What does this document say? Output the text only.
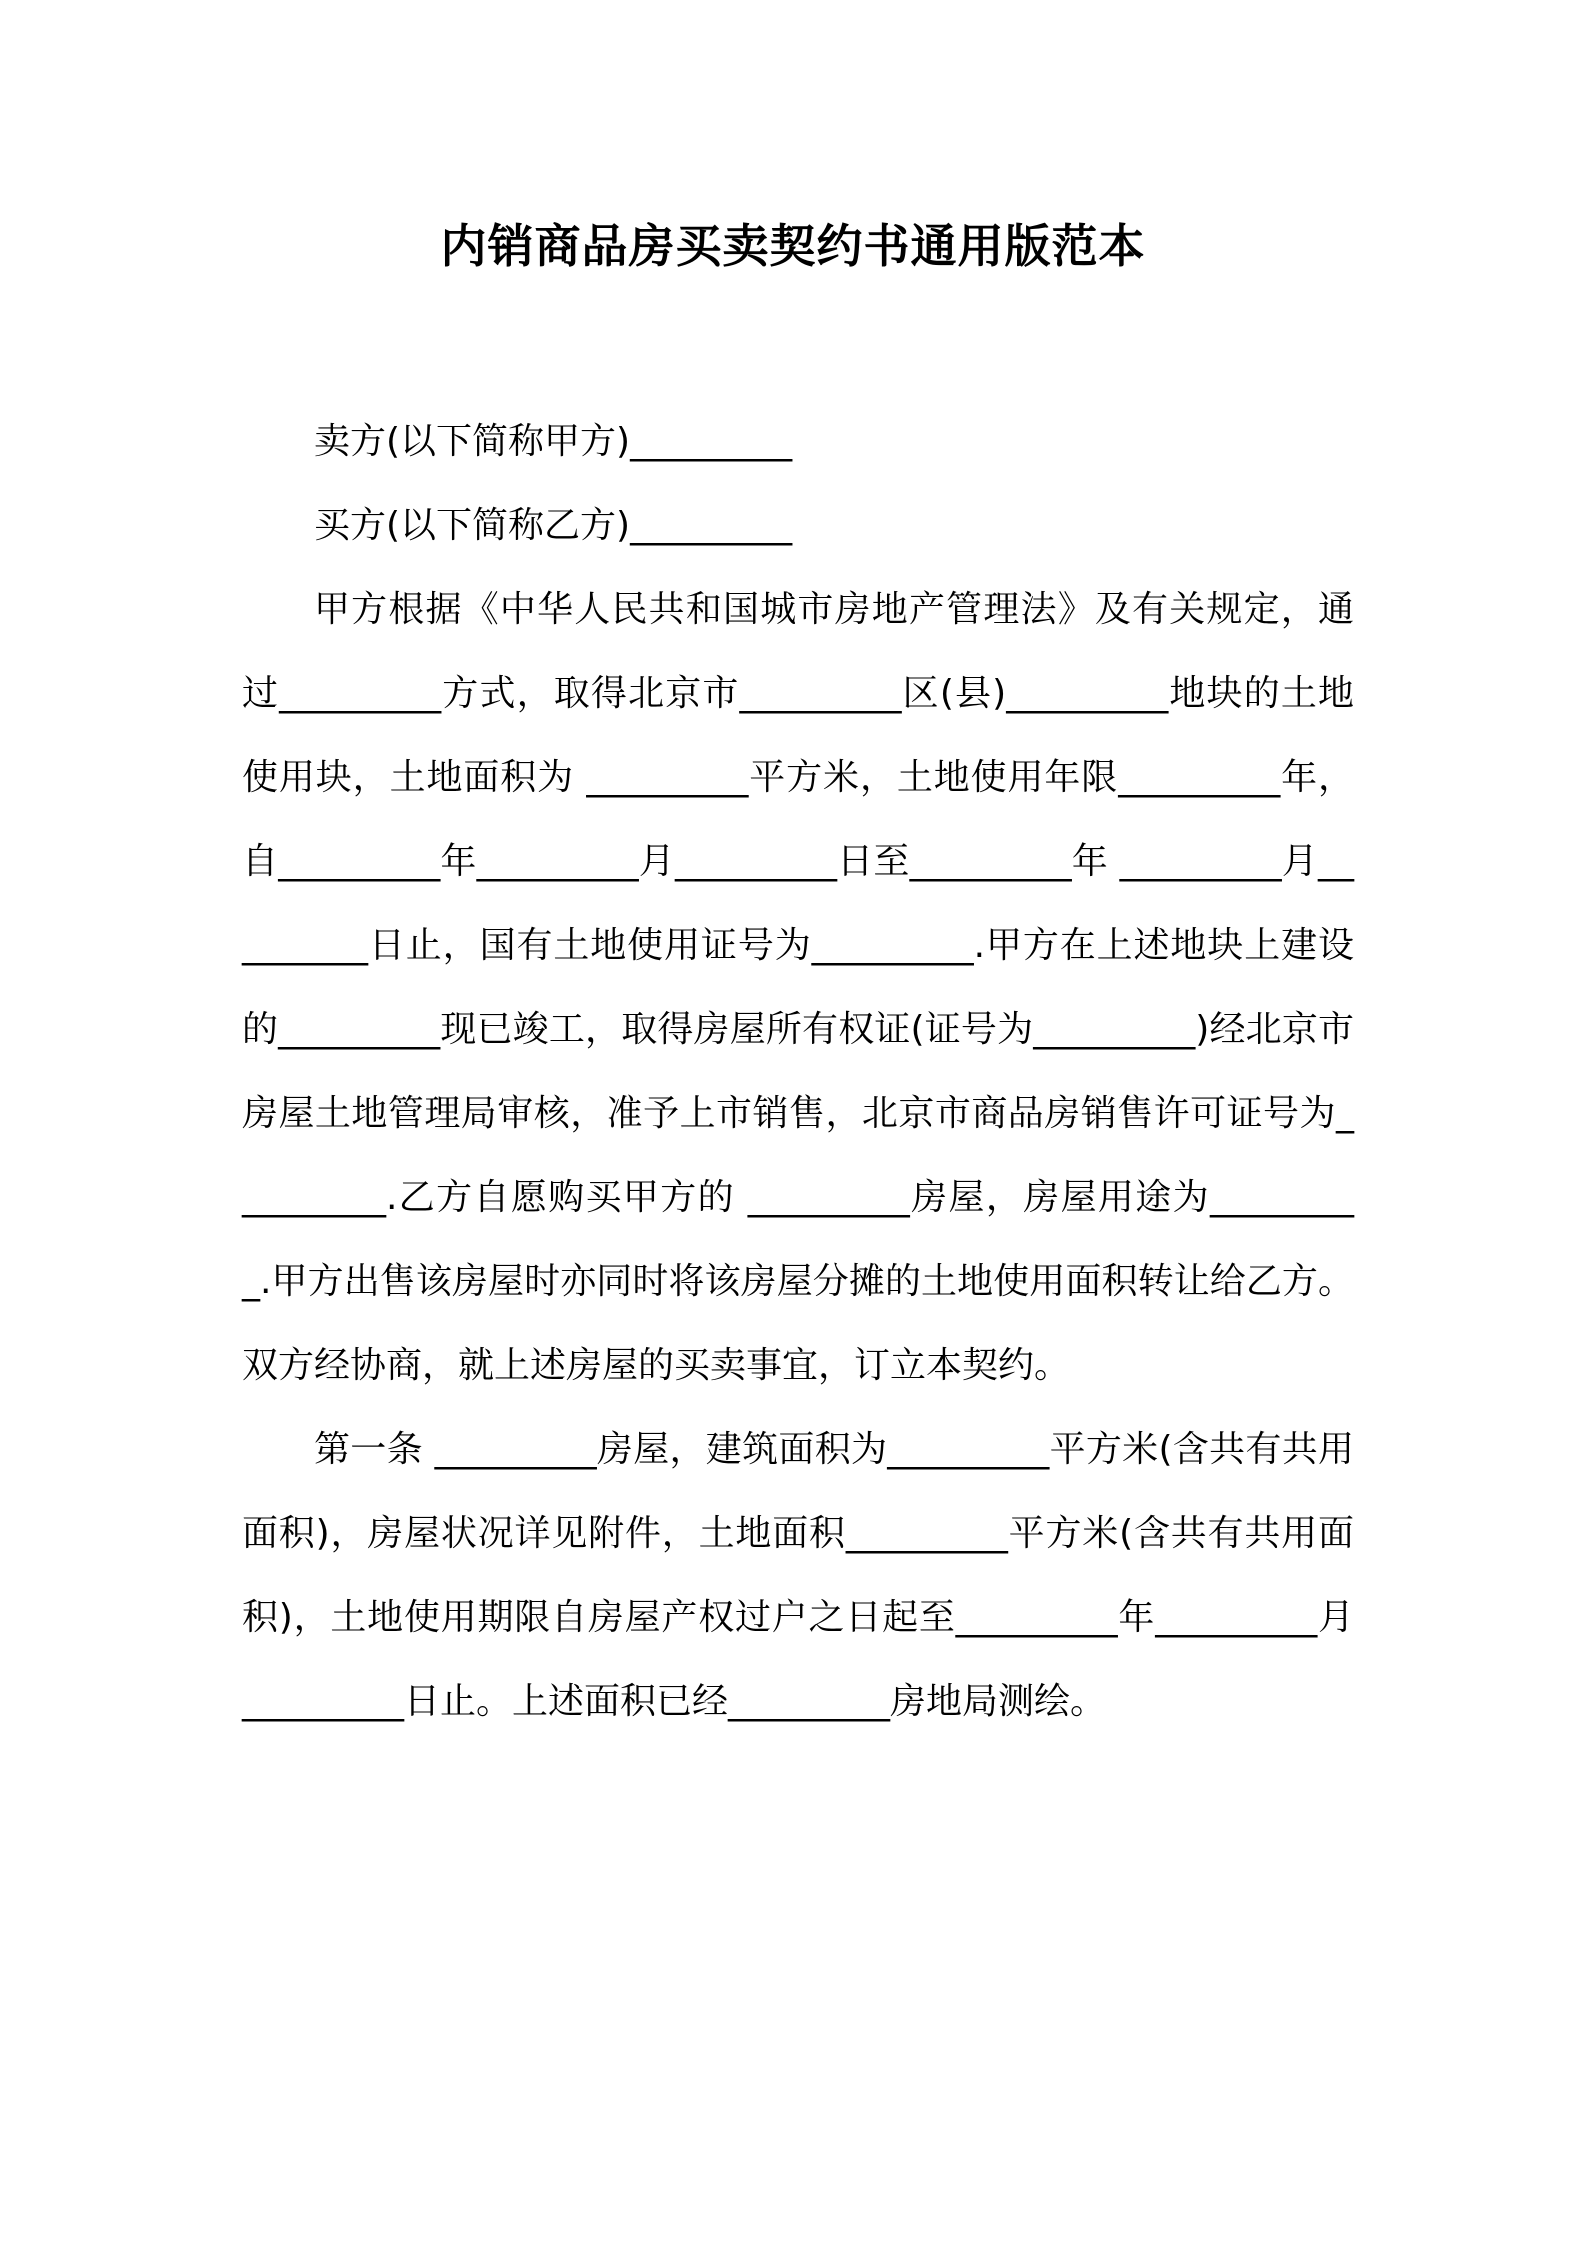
内销商品房买卖契约书通用版范本

卖方(以下简称甲方)_________

买方(以下简称乙方)_________

甲方根据《中华人民共和国城市房地产管理法》及有关规定，通过_________方式，取得北京市_________区(县)_________地块的土地使用块，土地面积为 _________平方米，土地使用年限_________年，自_________年_________月_________日至_________年 _________月_________日止，国有土地使用证号为_________.甲方在上述地块上建设的_________现已竣工，取得房屋所有权证(证号为_________)经北京市房屋土地管理局审核，准予上市销售，北京市商品房销售许可证号为_________.乙方自愿购买甲方的 _________房屋，房屋用途为_________.甲方出售该房屋时亦同时将该房屋分摊的土地使用面积转让给乙方。双方经协商，就上述房屋的买卖事宜，订立本契约。

第一条 _________房屋，建筑面积为_________平方米(含共有共用面积)，房屋状况详见附件，土地面积_________平方米(含共有共用面积)，土地使用期限自房屋产权过户之日起至_________年_________月_________日止。上述面积已经_________房地局测绘。
